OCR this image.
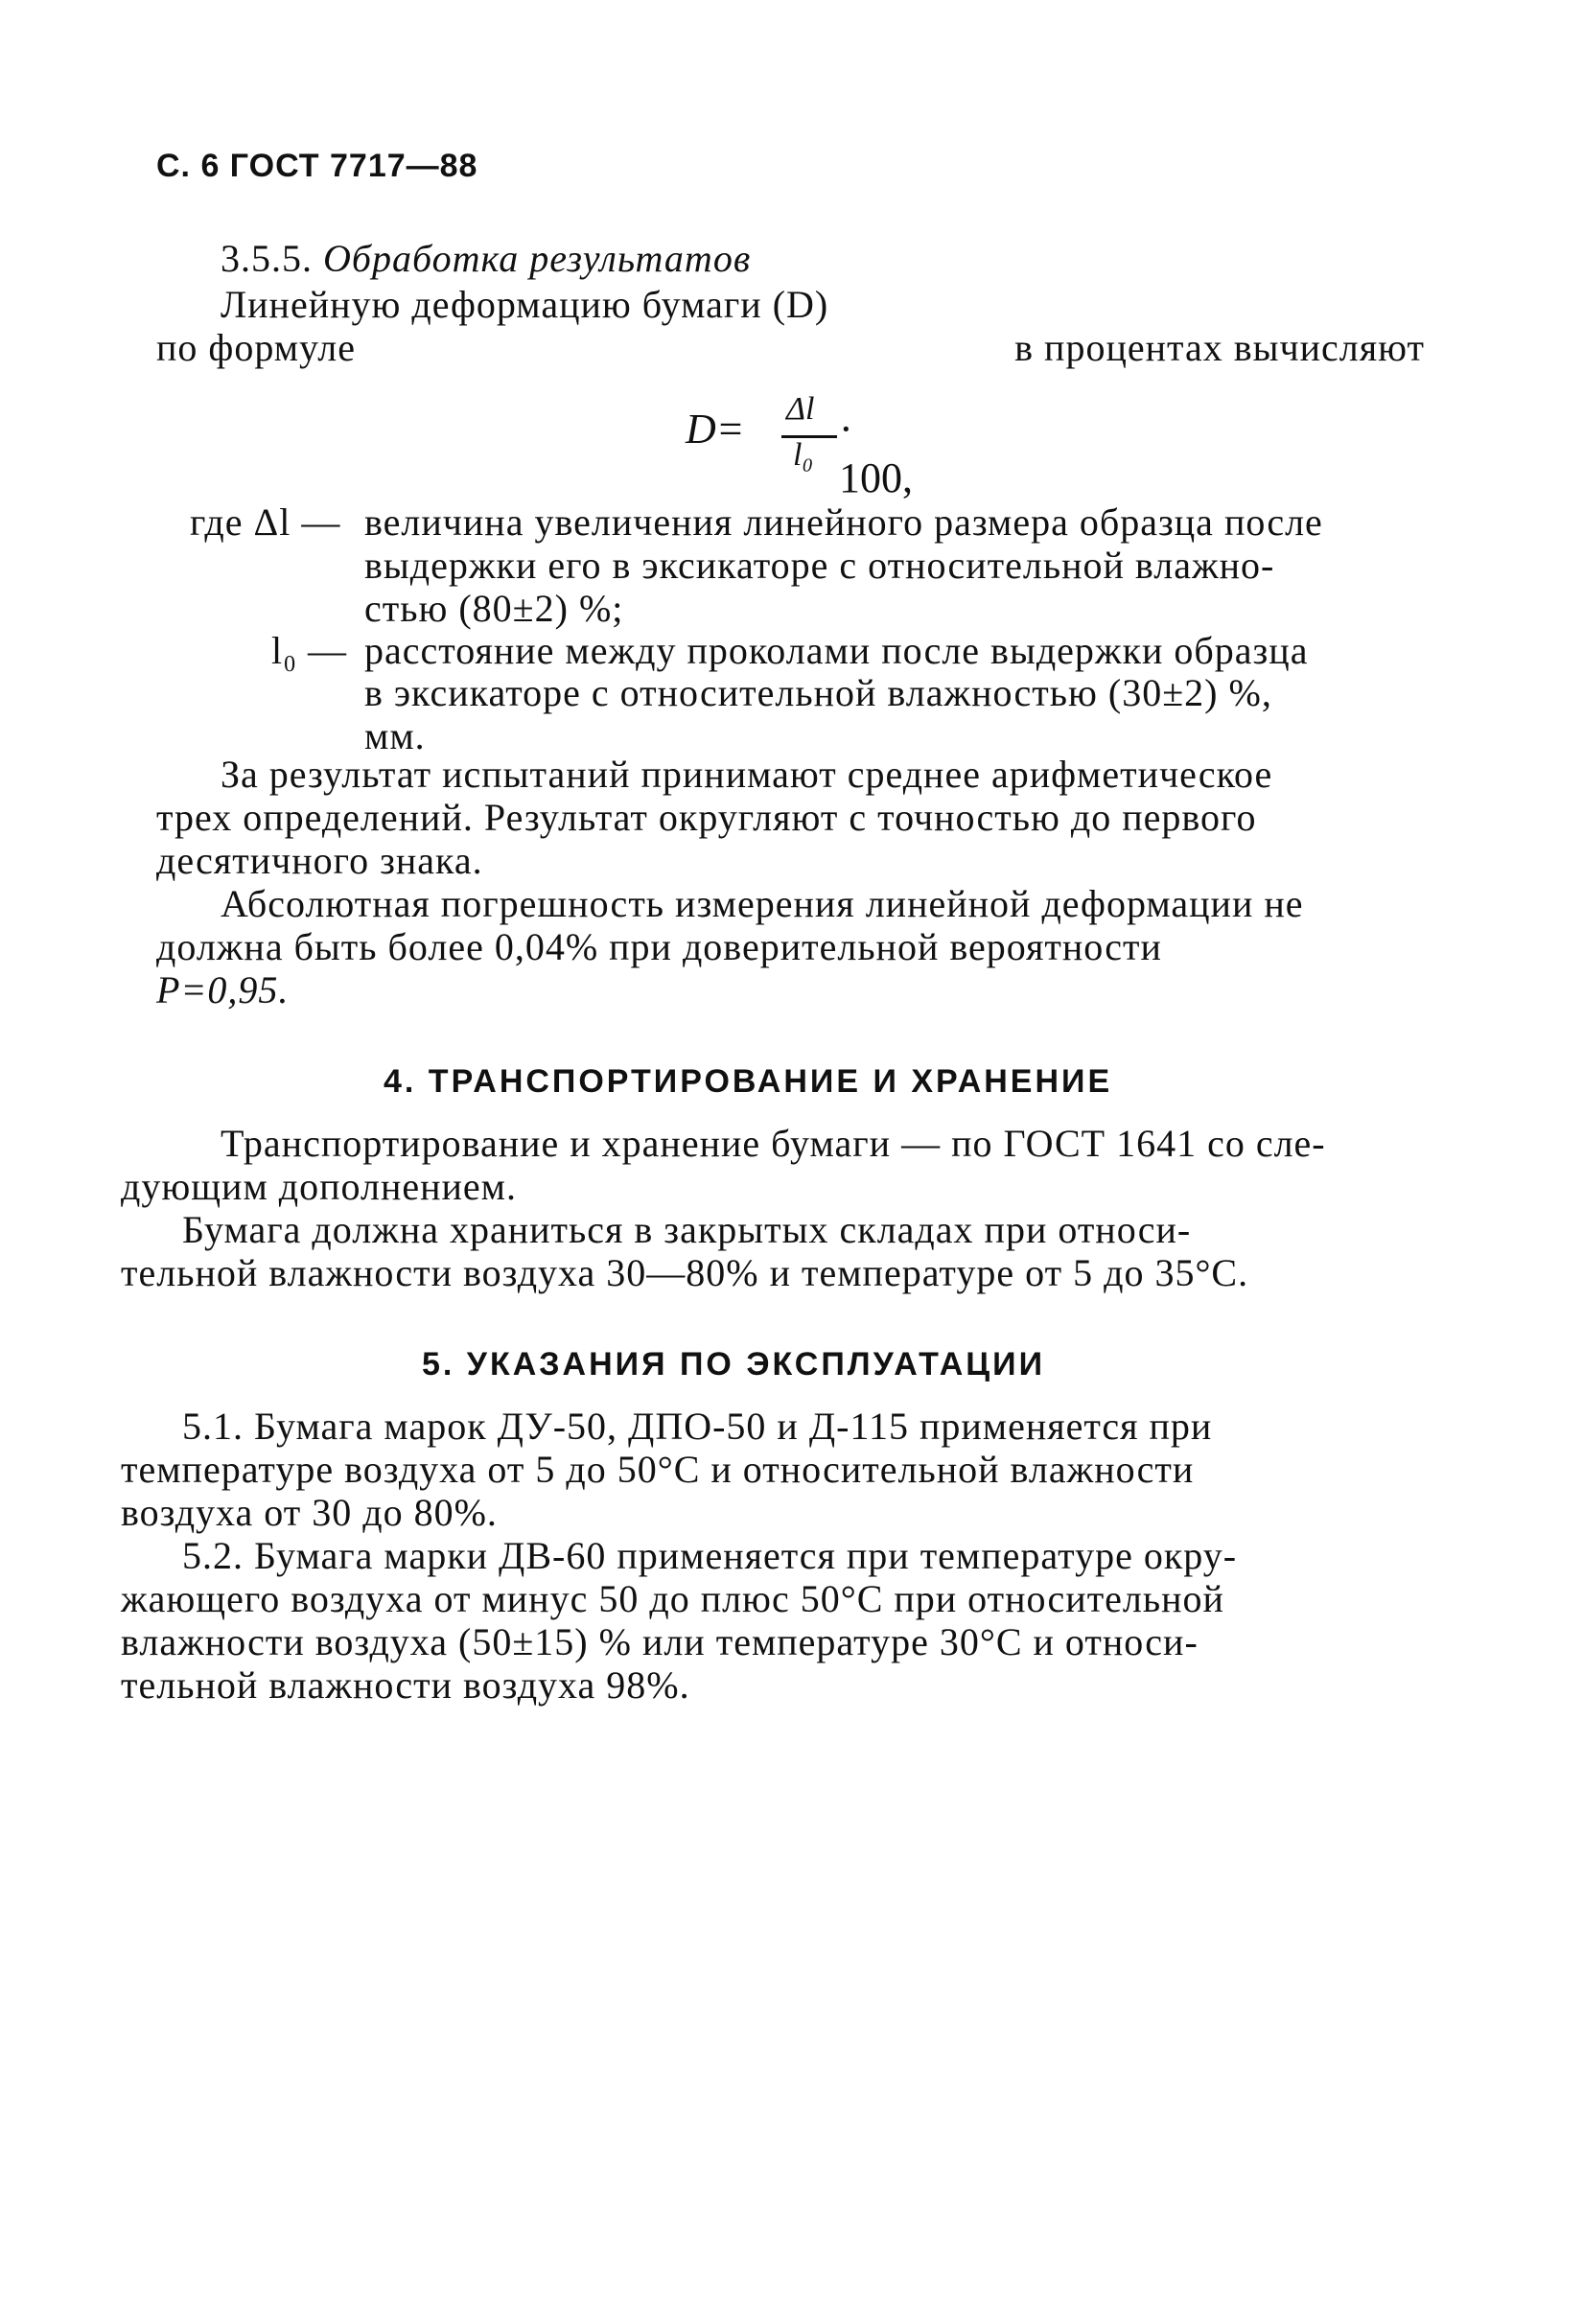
С. 6 ГОСТ 7717—88
3.5.5. Обработка результатов
Линейную деформацию бумаги (D)
по формуле	в процентах вычисляют
D= Δl
l₀
· 100,
где Δl — величина увеличения линейного размера образца после
выдержки его в эксикаторе с относительной влажно-
стью (80±2) %;
l₀ — расстояние между проколами после выдержки образца
в эксикаторе с относительной влажностью (30±2) %,
мм.
За результат испытаний принимают среднее арифметическое
трех определений. Результат округляют с точностью до первого
десятичного знака.
Абсолютная погрешность измерения линейной деформации не
должна быть более 0,04% при доверительной вероятности
P=0,95.
4. ТРАНСПОРТИРОВАНИЕ И ХРАНЕНИЕ
Транспортирование и хранение бумаги — по ГОСТ 1641 со сле-
дующим дополнением.
Бумага должна храниться в закрытых складах при относи-
тельной влажности воздуха 30—80% и температуре от 5 до 35°С.
5. УКАЗАНИЯ ПО ЭКСПЛУАТАЦИИ
5.1. Бумага марок ДУ-50, ДПО-50 и Д-115 применяется при
температуре воздуха от 5 до 50°С и относительной влажности
воздуха от 30 до 80%.
5.2. Бумага марки ДВ-60 применяется при температуре окру-
жающего воздуха от минус 50 до плюс 50°С при относительной
влажности воздуха (50±15) % или температуре 30°С и относи-
тельной влажности воздуха 98%.
